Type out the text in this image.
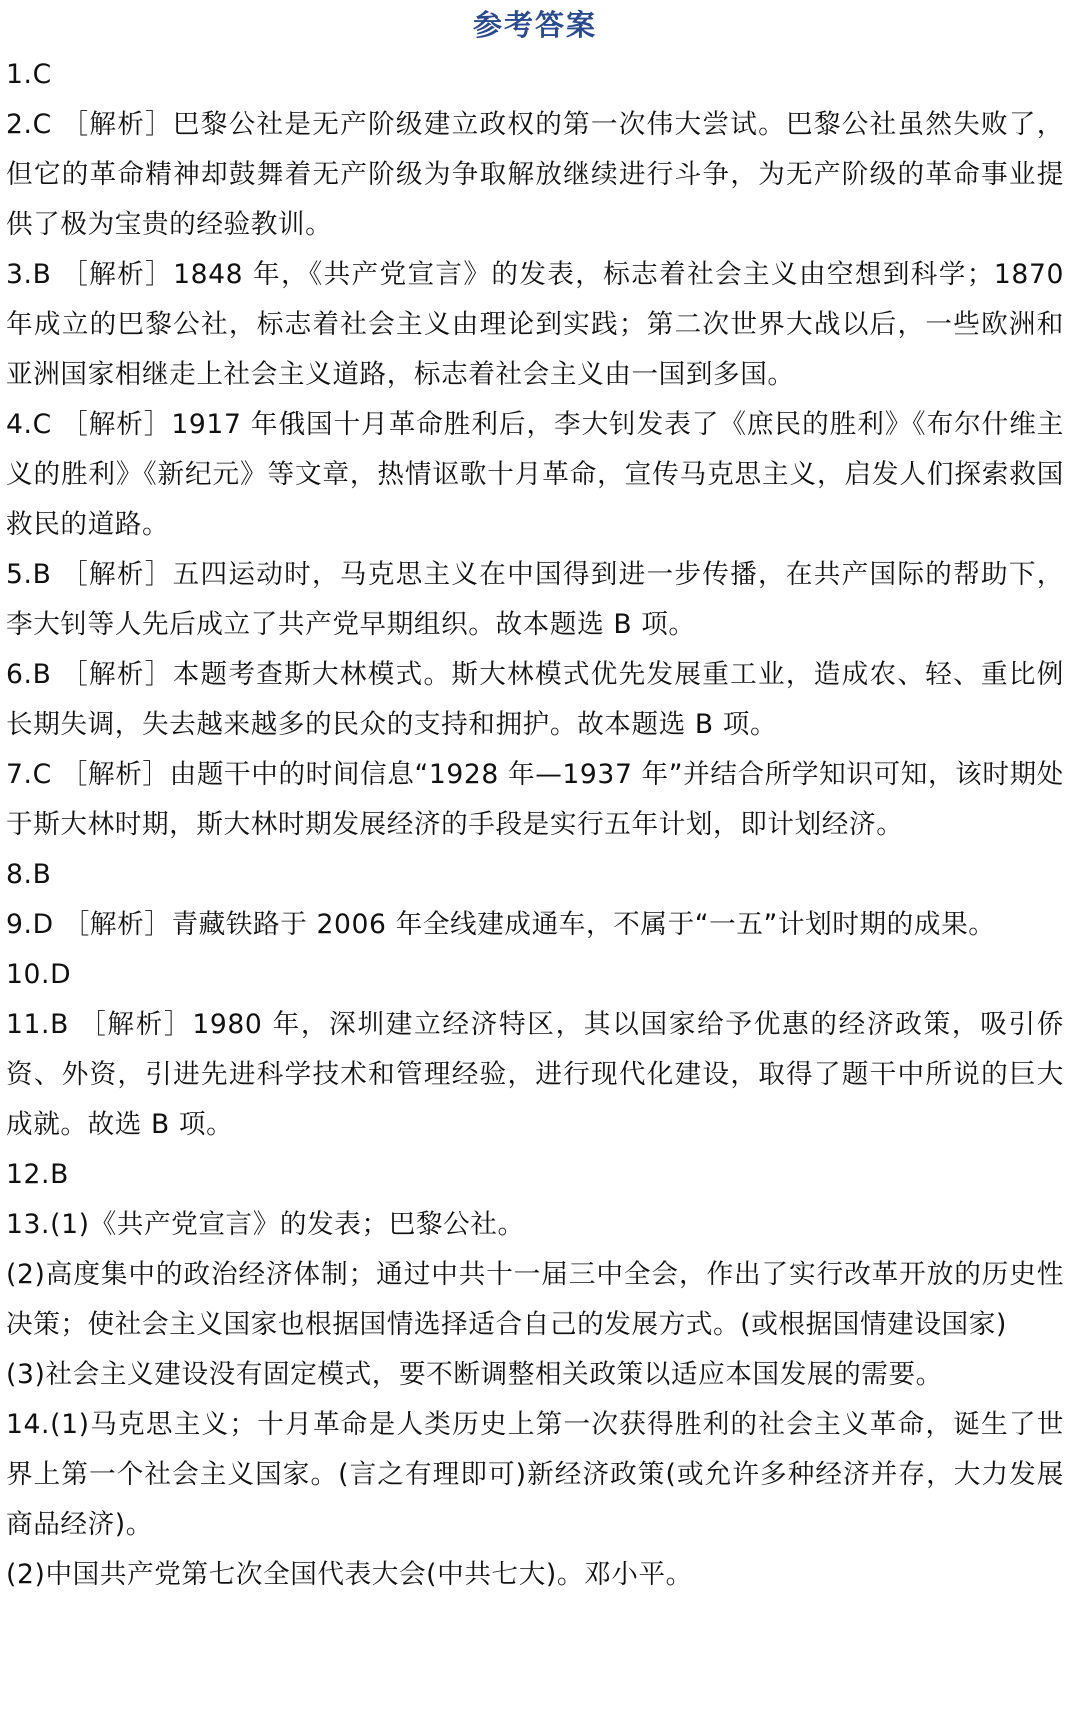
参考答案

1.C

2.C ［解析］巴黎公社是无产阶级建立政权的第一次伟大尝试。巴黎公社虽然失败了，但它的革命精神却鼓舞着无产阶级为争取解放继续进行斗争，为无产阶级的革命事业提供了极为宝贵的经验教训。

3.B ［解析］1848 年，《共产党宣言》的发表，标志着社会主义由空想到科学；1870 年成立的巴黎公社，标志着社会主义由理论到实践；第二次世界大战以后，一些欧洲和亚洲国家相继走上社会主义道路，标志着社会主义由一国到多国。

4.C ［解析］1917 年俄国十月革命胜利后，李大钊发表了《庶民的胜利》《布尔什维主义的胜利》《新纪元》等文章，热情讴歌十月革命，宣传马克思主义，启发人们探索救国救民的道路。

5.B ［解析］五四运动时，马克思主义在中国得到进一步传播，在共产国际的帮助下，李大钊等人先后成立了共产党早期组织。故本题选 B 项。

6.B ［解析］本题考查斯大林模式。斯大林模式优先发展重工业，造成农、轻、重比例长期失调，失去越来越多的民众的支持和拥护。故本题选 B 项。

7.C ［解析］由题干中的时间信息“1928 年—1937 年”并结合所学知识可知，该时期处于斯大林时期，斯大林时期发展经济的手段是实行五年计划，即计划经济。

8.B

9.D ［解析］青藏铁路于 2006 年全线建成通车，不属于“一五”计划时期的成果。

10.D

11.B ［解析］1980 年，深圳建立经济特区，其以国家给予优惠的经济政策，吸引侨资、外资，引进先进科学技术和管理经验，进行现代化建设，取得了题干中所说的巨大成就。故选 B 项。

12.B

13.(1)《共产党宣言》的发表；巴黎公社。

(2)高度集中的政治经济体制；通过中共十一届三中全会，作出了实行改革开放的历史性决策；使社会主义国家也根据国情选择适合自己的发展方式。(或根据国情建设国家)

(3)社会主义建设没有固定模式，要不断调整相关政策以适应本国发展的需要。

14.(1)马克思主义；十月革命是人类历史上第一次获得胜利的社会主义革命，诞生了世界上第一个社会主义国家。(言之有理即可)新经济政策(或允许多种经济并存，大力发展商品经济)。

(2)中国共产党第七次全国代表大会(中共七大)。邓小平。
